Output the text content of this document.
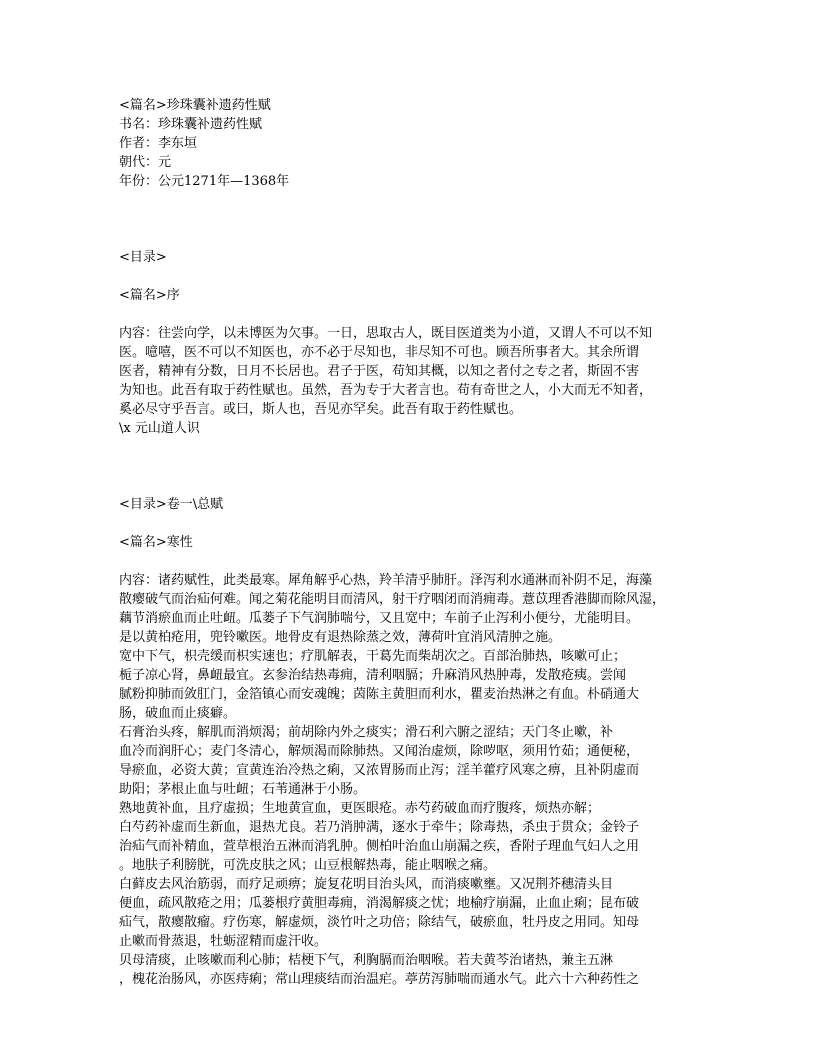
<篇名>珍珠囊补遗药性赋
书名：珍珠囊补遗药性赋
作者：李东垣
朝代：元
年份：公元1271年—1368年
<目录>
<篇名>序
内容：往尝向学，以未博医为欠事。一日，思取古人，既目医道类为小道，又谓人不可以不知
医。噫嘻，医不可以不知医也，亦不必于尽知也，非尽知不可也。顾吾所事者大。其余所谓
医者，精神有分数，日月不长居也。君子于医，苟知其概，以知之者付之专之者，斯固不害
为知也。此吾有取于药性赋也。虽然，吾为专于大者言也。苟有奇世之人，小大而无不知者，
奚必尽守乎吾言。或曰，斯人也，吾见亦罕矣。此吾有取于药性赋也。
\x 元山道人识
<目录>卷一\总赋
<篇名>寒性
内容：诸药赋性，此类最寒。犀角解乎心热，羚羊清乎肺肝。泽泻利水通淋而补阴不足，海藻
散瘿破气而治疝何难。闻之菊花能明目而清风，射干疗咽闭而消痈毒。薏苡理香港脚而除风湿，
藕节消瘀血而止吐衄。瓜蒌子下气润肺喘兮，又且宽中；车前子止泻利小便兮，尤能明目。
是以黄柏疮用，兜铃嗽医。地骨皮有退热除蒸之效，薄荷叶宜消风清肿之施。
宽中下气，枳壳缓而枳实速也；疗肌解表，干葛先而柴胡次之。百部治肺热，咳嗽可止；
栀子凉心肾，鼻衄最宜。玄参治结热毒痈，清利咽膈；升麻消风热肿毒，发散疮痍。尝闻
腻粉抑肺而敛肛门，金箔镇心而安魂魄；茵陈主黄胆而利水，瞿麦治热淋之有血。朴硝通大
肠，破血而止痰癖。
石膏治头疼，解肌而消烦渴；前胡除内外之痰实；滑石利六腑之涩结；天门冬止嗽，补
血冷而润肝心；麦门冬清心，解烦渴而除肺热。又闻治虚烦，除哕呕，须用竹茹；通便秘，
导瘀血，必资大黄；宣黄连治冷热之痢，又浓胃肠而止泻；淫羊藿疗风寒之痹，且补阴虚而
助阳；茅根止血与吐衄；石苇通淋于小肠。
熟地黄补血，且疗虚损；生地黄宣血，更医眼疮。赤芍药破血而疗腹疼，烦热亦解；
白芍药补虚而生新血，退热尤良。若乃消肿满，逐水于牵牛；除毒热，杀虫于贯众；金铃子
治疝气而补精血，萱草根治五淋而消乳肿。侧柏叶治血山崩漏之疾，香附子理血气妇人之用
。地肤子利膀胱，可洗皮肤之风；山豆根解热毒，能止咽喉之痛。
白藓皮去风治筋弱，而疗足顽痹；旋复花明目治头风，而消痰嗽壅。又况荆芥穗清头目
便血，疏风散疮之用；瓜蒌根疗黄胆毒痈，消渴解痰之忧；地榆疗崩漏，止血止痢；昆布破
疝气，散瘿散瘤。疗伤寒，解虚烦，淡竹叶之功倍；除结气，破瘀血，牡丹皮之用同。知母
止嗽而骨蒸退，牡蛎涩精而虚汗收。
贝母清痰，止咳嗽而利心肺；桔梗下气，利胸膈而治咽喉。若夫黄芩治诸热，兼主五淋
，槐花治肠风，亦医痔痢；常山理痰结而治温疟。葶苈泻肺喘而通水气。此六十六种药性之
